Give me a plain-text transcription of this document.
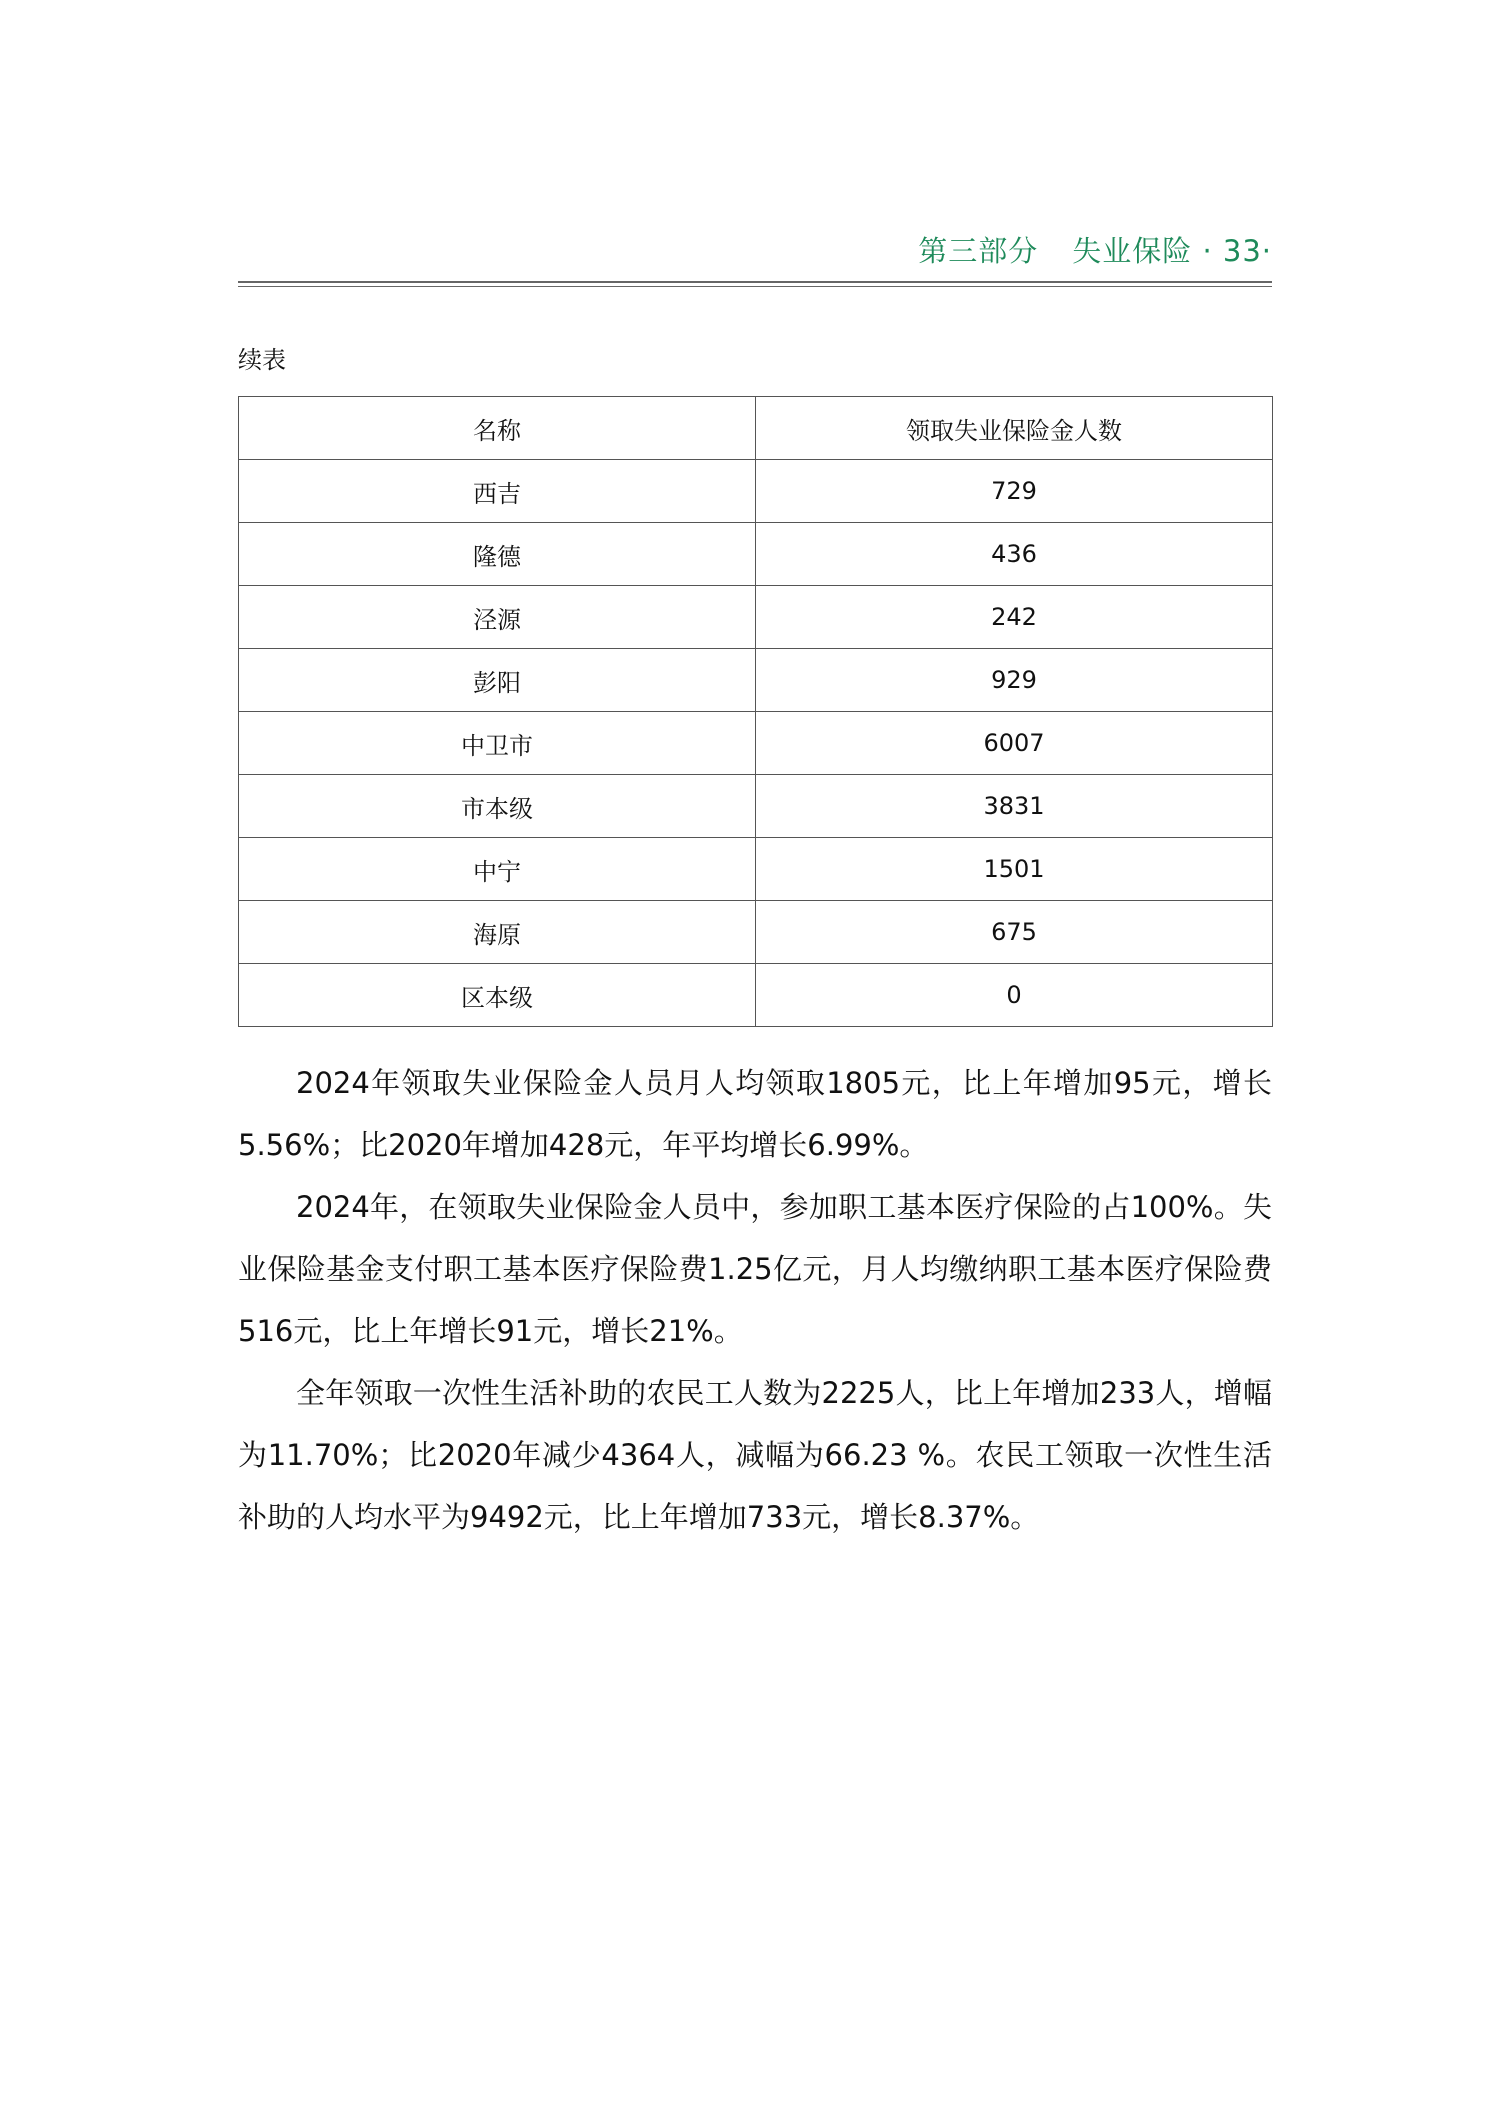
第三部分 失业保险 · 33·
续表
名称	领取失业保险金人数
西吉	729
隆德	436
泾源	242
彭阳	929
中卫市	6007
市本级	3831
中宁	1501
海原	675
区本级	0

2024年领取失业保险金人员月人均领取1805元，比上年增加95元，增长5.56%；比2020年增加428元，年平均增长6.99%。

2024年，在领取失业保险金人员中，参加职工基本医疗保险的占100%。失业保险基金支付职工基本医疗保险费1.25亿元，月人均缴纳职工基本医疗保险费516元，比上年增长91元，增长21%。

全年领取一次性生活补助的农民工人数为2225人，比上年增加233人，增幅为11.70%；比2020年减少4364人，减幅为66.23 %。农民工领取一次性生活补助的人均水平为9492元，比上年增加733元，增长8.37%。
